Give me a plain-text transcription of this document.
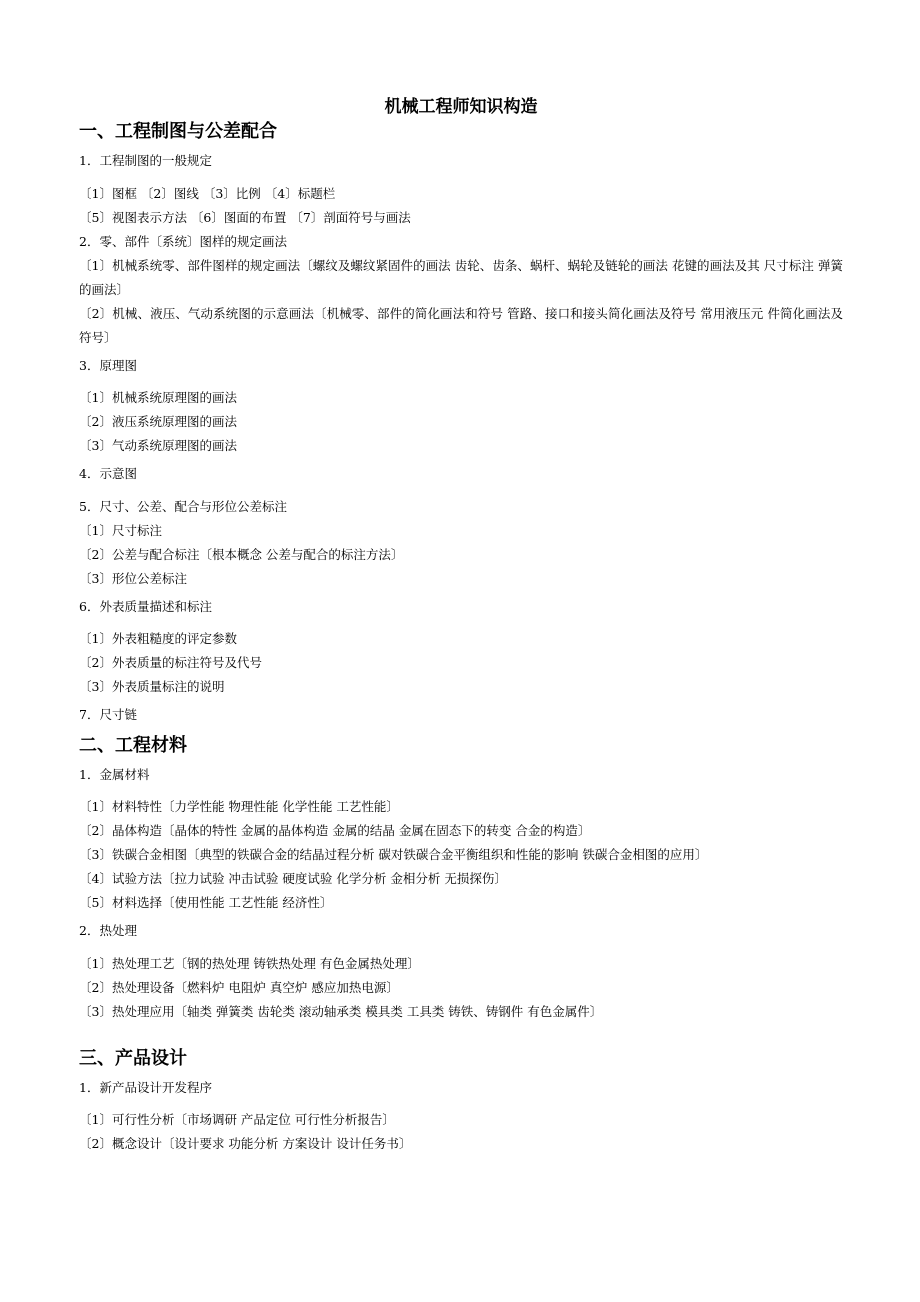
机械工程师知识构造
一、工程制图与公差配合
1．工程制图的一般规定
〔1〕图框 〔2〕图线 〔3〕比例 〔4〕标题栏
〔5〕视图表示方法 〔6〕图面的布置 〔7〕剖面符号与画法
2．零、部件〔系统〕图样的规定画法
〔1〕机械系统零、部件图样的规定画法〔螺纹及螺纹紧固件的画法 齿轮、齿条、蜗杆、蜗轮及链轮的画法 花键的画法及其 尺寸标注 弹簧的画法〕
〔2〕机械、液压、气动系统图的示意画法〔机械零、部件的简化画法和符号 管路、接口和接头简化画法及符号 常用液压元 件简化画法及符号〕
3．原理图
〔1〕机械系统原理图的画法
〔2〕液压系统原理图的画法
〔3〕气动系统原理图的画法
4．示意图
5．尺寸、公差、配合与形位公差标注
〔1〕尺寸标注
〔2〕公差与配合标注〔根本概念 公差与配合的标注方法〕
〔3〕形位公差标注
6．外表质量描述和标注
〔1〕外表粗糙度的评定参数
〔2〕外表质量的标注符号及代号
〔3〕外表质量标注的说明
7．尺寸链
二、工程材料
1．金属材料
〔1〕材料特性〔力学性能 物理性能 化学性能 工艺性能〕
〔2〕晶体构造〔晶体的特性 金属的晶体构造 金属的结晶 金属在固态下的转变 合金的构造〕
〔3〕铁碳合金相图〔典型的铁碳合金的结晶过程分析 碳对铁碳合金平衡组织和性能的影响 铁碳合金相图的应用〕
〔4〕试验方法〔拉力试验 冲击试验 硬度试验 化学分析 金相分析 无损探伤〕
〔5〕材料选择〔使用性能 工艺性能 经济性〕
2．热处理
〔1〕热处理工艺〔钢的热处理 铸铁热处理 有色金属热处理〕
〔2〕热处理设备〔燃料炉 电阻炉 真空炉 感应加热电源〕
〔3〕热处理应用〔轴类 弹簧类 齿轮类 滚动轴承类 模具类 工具类 铸铁、铸钢件 有色金属件〕
三、产品设计
1．新产品设计开发程序
〔1〕可行性分析〔市场调研 产品定位 可行性分析报告〕
〔2〕概念设计〔设计要求 功能分析 方案设计 设计任务书〕
